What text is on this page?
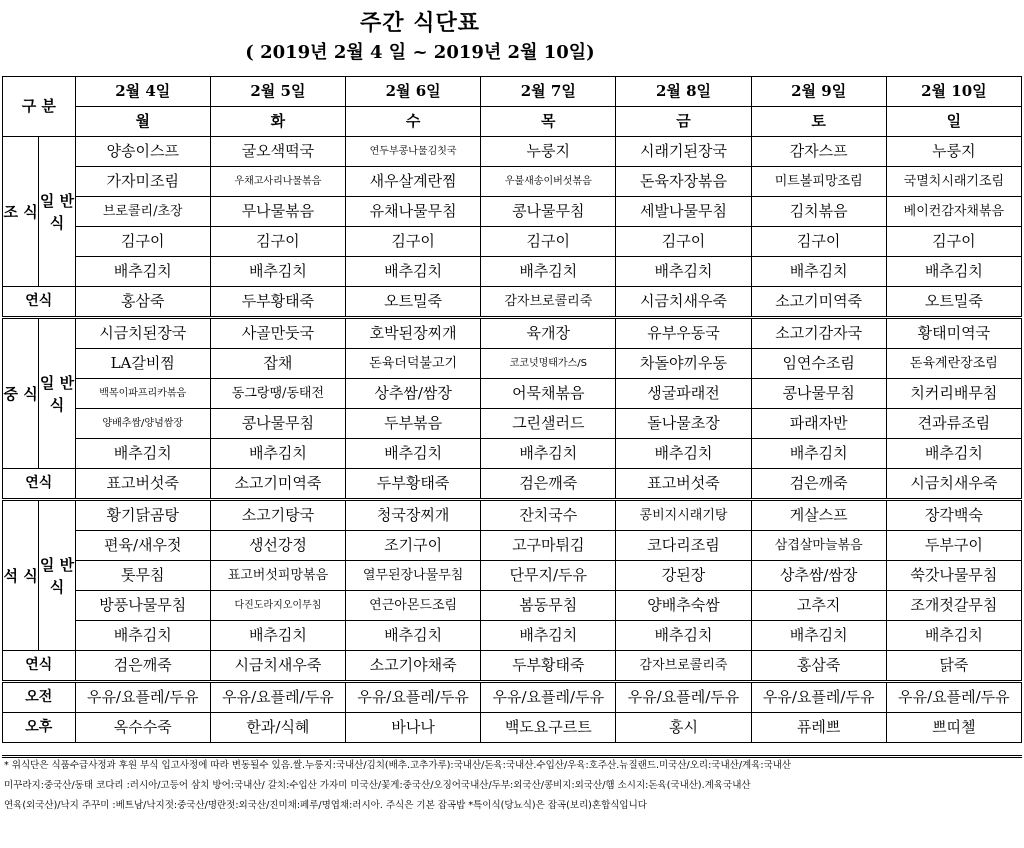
주간 식단표
( 2019년 2월 4 일 ~ 2019년 2월 10일)
구 분		2월 4일	2월 5일	2월 6일	2월 7일	2월 8일	2월 9일	2월 10일
		월	화	수	목	금	토	일
조 식	일 반 식	양송이스프	굴오색떡국	연두부콩나물김칫국	누룽지	시래기된장국	감자스프	누룽지
		가자미조림	우채고사리나물볶음	새우살계란찜	우불새송이버섯볶음	돈육자장볶음	미트볼피망조림	국멸치시래기조림
		브로콜리/초장	무나물볶음	유채나물무침	콩나물무침	세발나물무침	김치볶음	베이컨감자채볶음
		김구이	김구이	김구이	김구이	김구이	김구이	김구이
		배추김치	배추김치	배추김치	배추김치	배추김치	배추김치	배추김치
연식		홍삼죽	두부황태죽	오트밀죽	감자브로콜리죽	시금치새우죽	소고기미역죽	오트밀죽
중 식	일 반 식	시금치된장국	사골만둣국	호박된장찌개	육개장	유부우동국	소고기감자국	황태미역국
		LA갈비찜	잡채	돈육더덕불고기	코코넛명태가스/S	차돌야끼우동	임연수조림	돈육계란장조림
		백목이파프리카볶음	동그랑땡/동태전	상추쌈/쌈장	어묵채볶음	생굴파래전	콩나물무침	치커리배무침
		양배추쌈/양념쌈장	콩나물무침	두부볶음	그린샐러드	돌나물초장	파래자반	견과류조림
		배추김치	배추김치	배추김치	배추김치	배추김치	배추김치	배추김치
연식		표고버섯죽	소고기미역죽	두부황태죽	검은깨죽	표고버섯죽	검은깨죽	시금치새우죽
석 식	일 반 식	황기닭곰탕	소고기탕국	청국장찌개	잔치국수	콩비지시래기탕	게살스프	장각백숙
		편육/새우젓	생선강정	조기구이	고구마튀김	코다리조림	삼겹살마늘볶음	두부구이
		톳무침	표고버섯피망볶음	열무된장나물무침	단무지/두유	강된장	상추쌈/쌈장	쑥갓나물무침
		방풍나물무침	다진도라지오이무침	연근아몬드조림	봄동무침	양배추숙쌈	고추지	조개젓갈무침
		배추김치	배추김치	배추김치	배추김치	배추김치	배추김치	배추김치
연식		검은깨죽	시금치새우죽	소고기야채죽	두부황태죽	감자브로콜리죽	홍삼죽	닭죽
오전		우유/요플레/두유	우유/요플레/두유	우유/요플레/두유	우유/요플레/두유	우유/요플레/두유	우유/요플레/두유	우유/요플레/두유
오후		옥수수죽	한과/식혜	바나나	백도요구르트	홍시	퓨레쁘	쁘띠첼
* 위식단은 식품수급사정과 후원 부식 입고사정에 따라 변동될수 있음.쌀.누룽지:국내산/김치(배추.고추가루):국내산/돈육:국내산.수입산/우육:호주산.뉴질랜드.미국산/오리:국내산/계육:국내산
미꾸라지:중국산/동태 코다리 :러시아/고등어 삼치 방어:국내산/ 갈치:수입산 가자미 미국산/꽃게:중국산/오징어국내산/두부:외국산/콩비지:외국산/햄 소시지:돈육(국내산).계육국내산
연육(외국산)/낙지 주꾸미 :베트남/낙지젓:중국산/명란젓:외국산/진미채:페루/명엽채:러시아. 주식은 기본 잡곡밥 *특이식(당뇨식)은 잡곡(보리)혼합식입니다
